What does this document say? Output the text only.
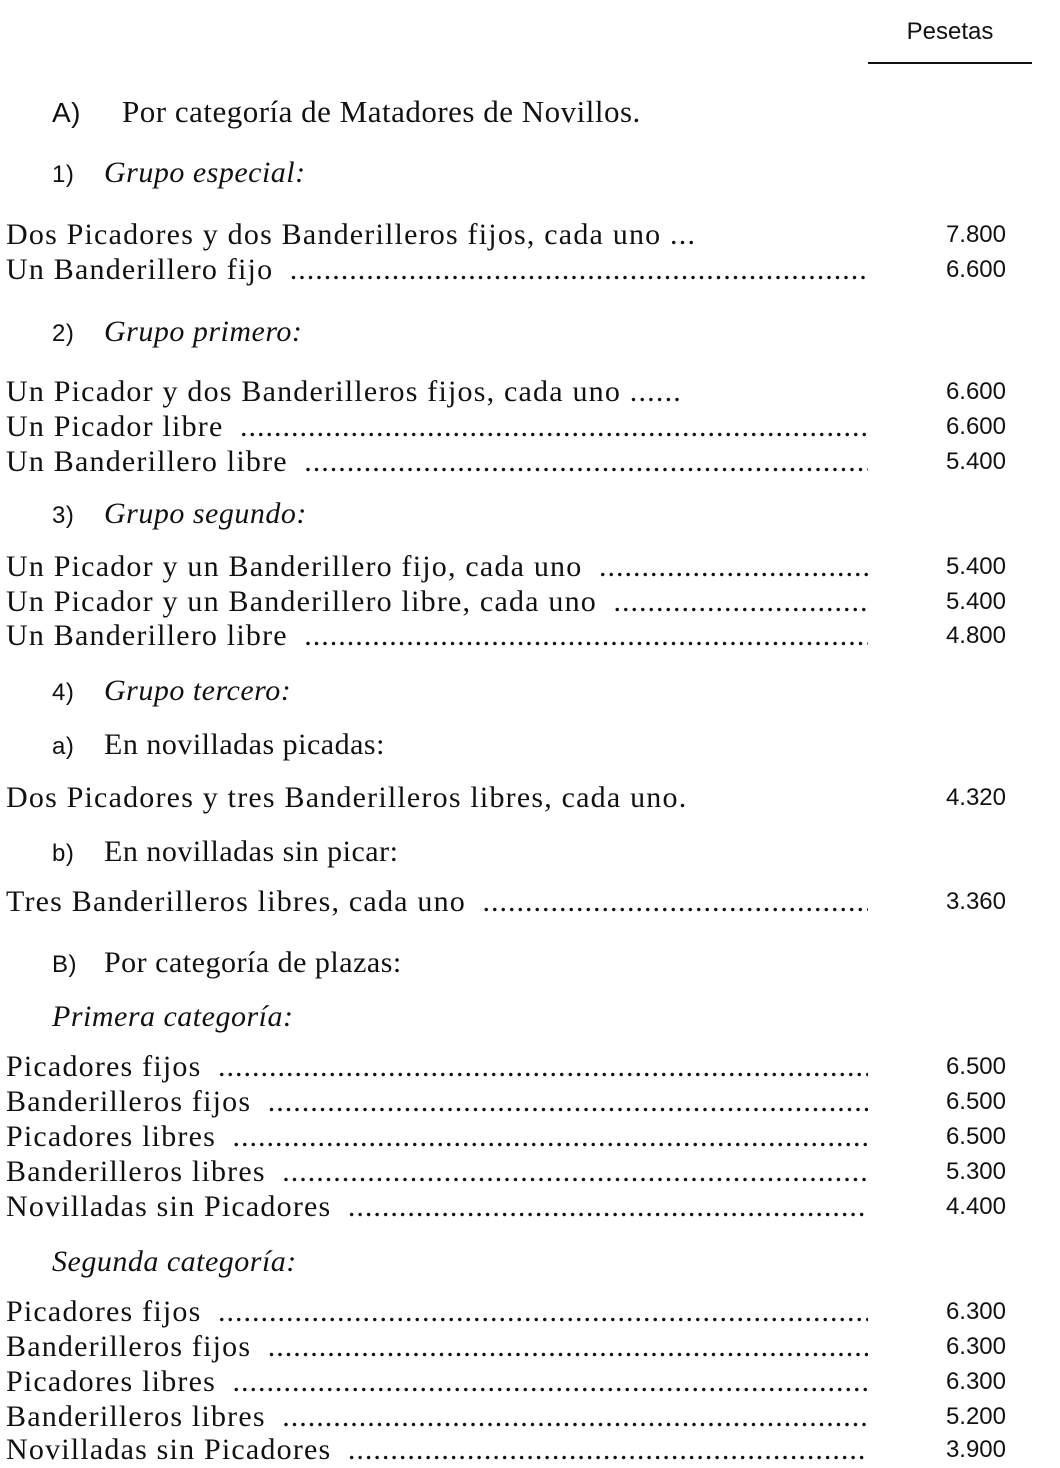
Pesetas
A) Por categoría de Matadores de Novillos.
1) Grupo especial:
Dos Picadores y dos Banderilleros fijos, cada uno ...	7.800
Un Banderillero fijo .....	6.600
2) Grupo primero:
Un Picador y dos Banderilleros fijos, cada uno ......	6.600
Un Picador libre .....	6.600
Un Banderillero libre .....	5.400
3) Grupo segundo:
Un Picador y un Banderillero fijo, cada uno .....	5.400
Un Picador y un Banderillero libre, cada uno .....	5.400
Un Banderillero libre .....	4.800
4) Grupo tercero:
a) En novilladas picadas:
Dos Picadores y tres Banderilleros libres, cada uno.	4.320
b) En novilladas sin picar:
Tres Banderilleros libres, cada uno .....	3.360
B) Por categoría de plazas:
Primera categoría:
Picadores fijos .....	6.500
Banderilleros fijos .....	6.500
Picadores libres .....	6.500
Banderilleros libres .....	5.300
Novilladas sin Picadores .....	4.400
Segunda categoría:
Picadores fijos .....	6.300
Banderilleros fijos .....	6.300
Picadores libres .....	6.300
Banderilleros libres .....	5.200
Novilladas sin Picadores .....	3.900
